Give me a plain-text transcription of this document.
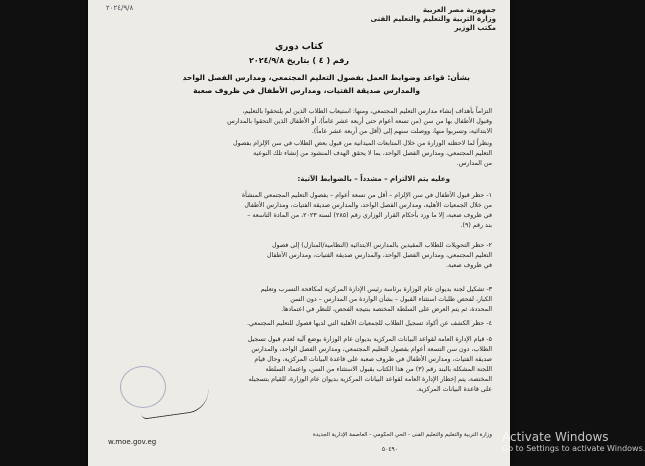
جمهورية مصر العربية
وزارة التربية والتعليم والتعليم الفنى
مكتب الوزير
٢٠٢٤/٩/٨
كتاب دوري
رقم ( ٤ ) بتاريخ ٢٠٢٤/٩/٨
بشأن: قواعد وضوابط العمل بفصول التعليم المجتمعي، ومدارس الفصل الواحد
والمدارس صديقة الفتيات، ومدارس الأطفال في ظروف صعبة
التزاماً بأهداف إنشاء مدارس التعليم المجتمعي، ومنها: استيعاب الطلاب الذين لم يلتحقوا بالتعليم،
وقبول الأطفال بها من سن (من تسعة أعوام حتى أربعة عشر عاماً)، أو الأطفال الذين التحقوا بالمدارس
الابتدائية، وتسربوا منها، ووصلت سنهم إلى (أقل من أربعة عشر عاماً).
ونظراً لما لاحظته الوزارة من خلال المتابعات الميدانية من قبول بعض الطلاب في سن الإلزام بفصول
التعليم المجتمعي، ومدارس الفصل الواحد، بما لا يحقق الهدف المنشود من إنشاء تلك النوعية
من المدارس.
وعليه يتم الالتزام – مشدداً – بالضوابط الآتية:
١- حظر قبول الأطفال في سن الإلزام – أقل من تسعة أعوام – بفصول التعليم المجتمعي المنشأة
من خلال الجمعيات الأهلية، ومدارس الفصل الواحد، والمدارس صديقة الفتيات، ومدارس الأطفال
في ظروف صعبة، إلا ما ورد بأحكام القرار الوزاري رقم (٢٨٥) لسنة ٢٠٢٣، من المادة التاسعة –
بند رقم (٩).
٢- حظر التحويلات للطلاب المقيدين بالمدارس الابتدائية (النظامية/المنازل) إلى فصول
التعليم المجتمعي، ومدارس الفصل الواحد، والمدارس صديقة الفتيات، ومدارس الأطفال
في ظروف صعبة.
٣- تشكيل لجنة بديوان عام الوزارة برئاسة رئيس الإدارة المركزية لمكافحة التسرب وتعليم
الكبار، لفحص طلبات استثناء القبول – بشأن الواردة من المدارس – دون السن
المحددة، ثم يتم العرض على السلطة المختصة بنتيجة الفحص، للنظر في اعتمادها.
٤- حظر الكشف عن أكواد تسجيل الطلاب للجمعيات الأهلية التي لديها فصول للتعليم المجتمعي.
٥- قيام الإدارة العامة لقواعد البيانات المركزية بديوان عام الوزارة بوضع آلية لعدم قبول تسجيل
الطلاب، دون سن التسعة أعوام بفصول التعليم المجتمعي، ومدارس الفصل الواحد، والمدارس
صديقة الفتيات، ومدارس الأطفال في ظروف صعبة على قاعدة البيانات المركزية، وحال قيام
اللجنة المشكلة بالبند رقم (٣) من هذا الكتاب بقبول الاستثناء من السن، واعتماد السلطة
المختصة، يتم إخطار الإدارة العامة لقواعد البيانات المركزية بديوان عام الوزارة، للقيام بتسجيله
على قاعدة البيانات المركزية.
w.moe.gov.eg
وزارة التربية والتعليم والتعليم الفنى - الحي الحكومي - العاصمة الإدارية الجديدة
٥٠٤٩٠
Activate Windows
Go to Settings to activate Windows.
